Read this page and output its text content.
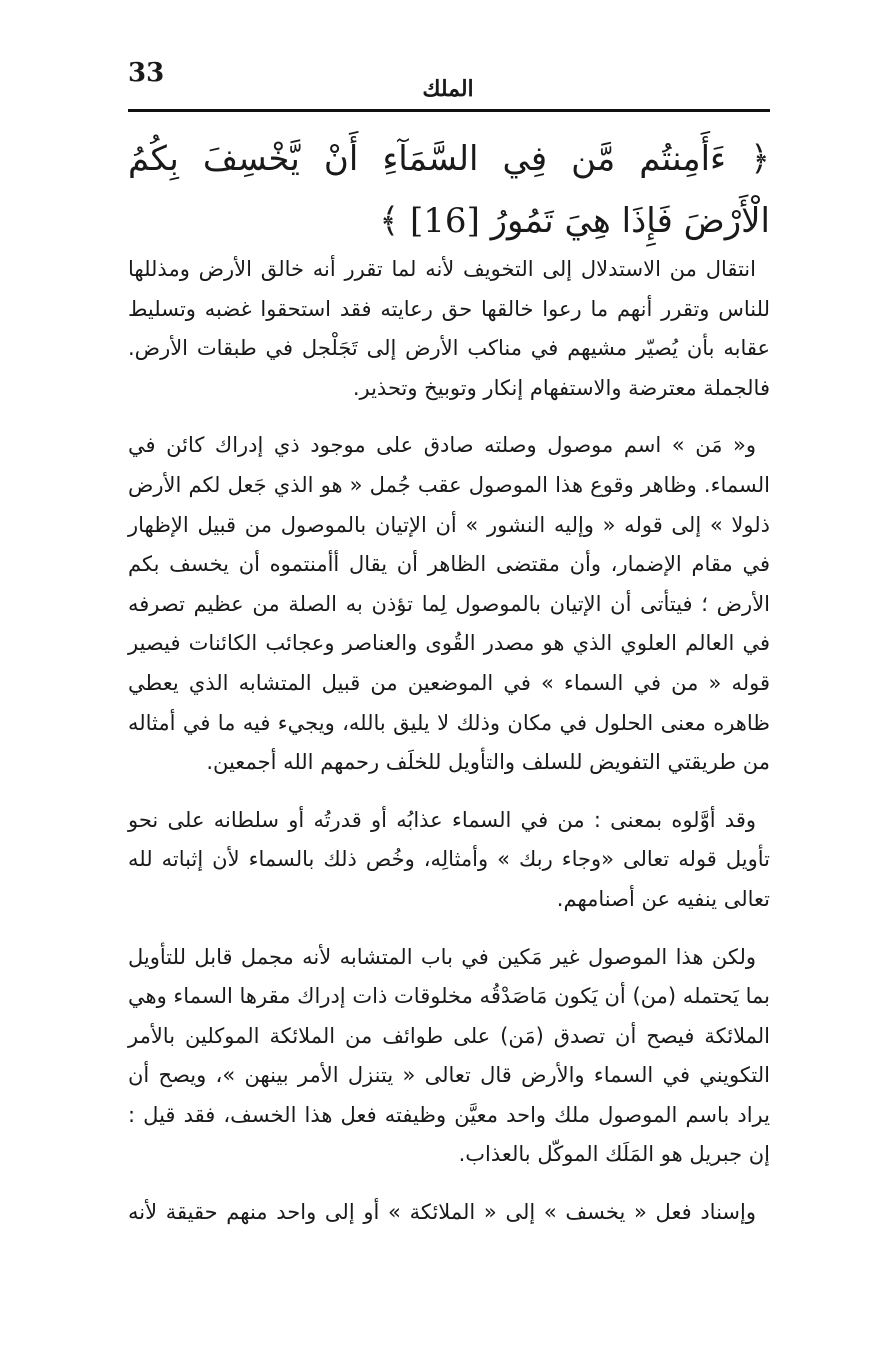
33
الملك
﴿ ءَأَمِنتُم مَّن فِي السَّمَآءِ أَنْ يَّخْسِفَ بِكُمُ الْأَرْضَ فَإِذَا هِيَ تَمُورُ [16] ﴾

انتقال من الاستدلال إلى التخويف لأنه لما تقرر أنه خالق الأرض ومذللها للناس وتقرر أنهم ما رعوا خالقها حق رعايته فقد استحقوا غضبه وتسليط عقابه بأن يُصيّر مشيهم في مناكب الأرض إلى تَجَلْجل في طبقات الأرض. فالجملة معترضة والاستفهام إنكار وتوبيخ وتحذير.

و« مَن » اسم موصول وصلته صادق على موجود ذي إدراك كائن في السماء. وظاهر وقوع هذا الموصول عقب جُمل « هو الذي جَعل لكم الأرض ذلولا » إلى قوله « وإليه النشور » أن الإتيان بالموصول من قبيل الإظهار في مقام الإضمار، وأن مقتضى الظاهر أن يقال أأمنتموه أن يخسف بكم الأرض ؛ فيتأتى أن الإتيان بالموصول لِما تؤذن به الصلة من عظيم تصرفه في العالم العلوي الذي هو مصدر القُوى والعناصر وعجائب الكائنات فيصير قوله « من في السماء » في الموضعين من قبيل المتشابه الذي يعطي ظاهره معنى الحلول في مكان وذلك لا يليق بالله، ويجيء فيه ما في أمثاله من طريقتي التفويض للسلف والتأويل للخلَف رحمهم الله أجمعين.

وقد أوَّلوه بمعنى : من في السماء عذابُه أو قدرتُه أو سلطانه على نحو تأويل قوله تعالى «وجاء ربك » وأمثالِه، وخُص ذلك بالسماء لأن إثباته لله تعالى ينفيه عن أصنامهم.

ولكن هذا الموصول غير مَكين في باب المتشابه لأنه مجمل قابل للتأويل بما يَحتمله (من) أن يَكون مَاصَدْقُه مخلوقات ذات إدراك مقرها السماء وهي الملائكة فيصح أن تصدق (مَن) على طوائف من الملائكة الموكلين بالأمر التكويني في السماء والأرض قال تعالى « يتنزل الأمر بينهن »، ويصح أن يراد باسم الموصول ملك واحد معيَّن وظيفته فعل هذا الخسف، فقد قيل : إن جبريل هو المَلَك الموكّل بالعذاب.

وإسناد فعل « يخسف » إلى « الملائكة » أو إلى واحد منهم حقيقة لأنه
